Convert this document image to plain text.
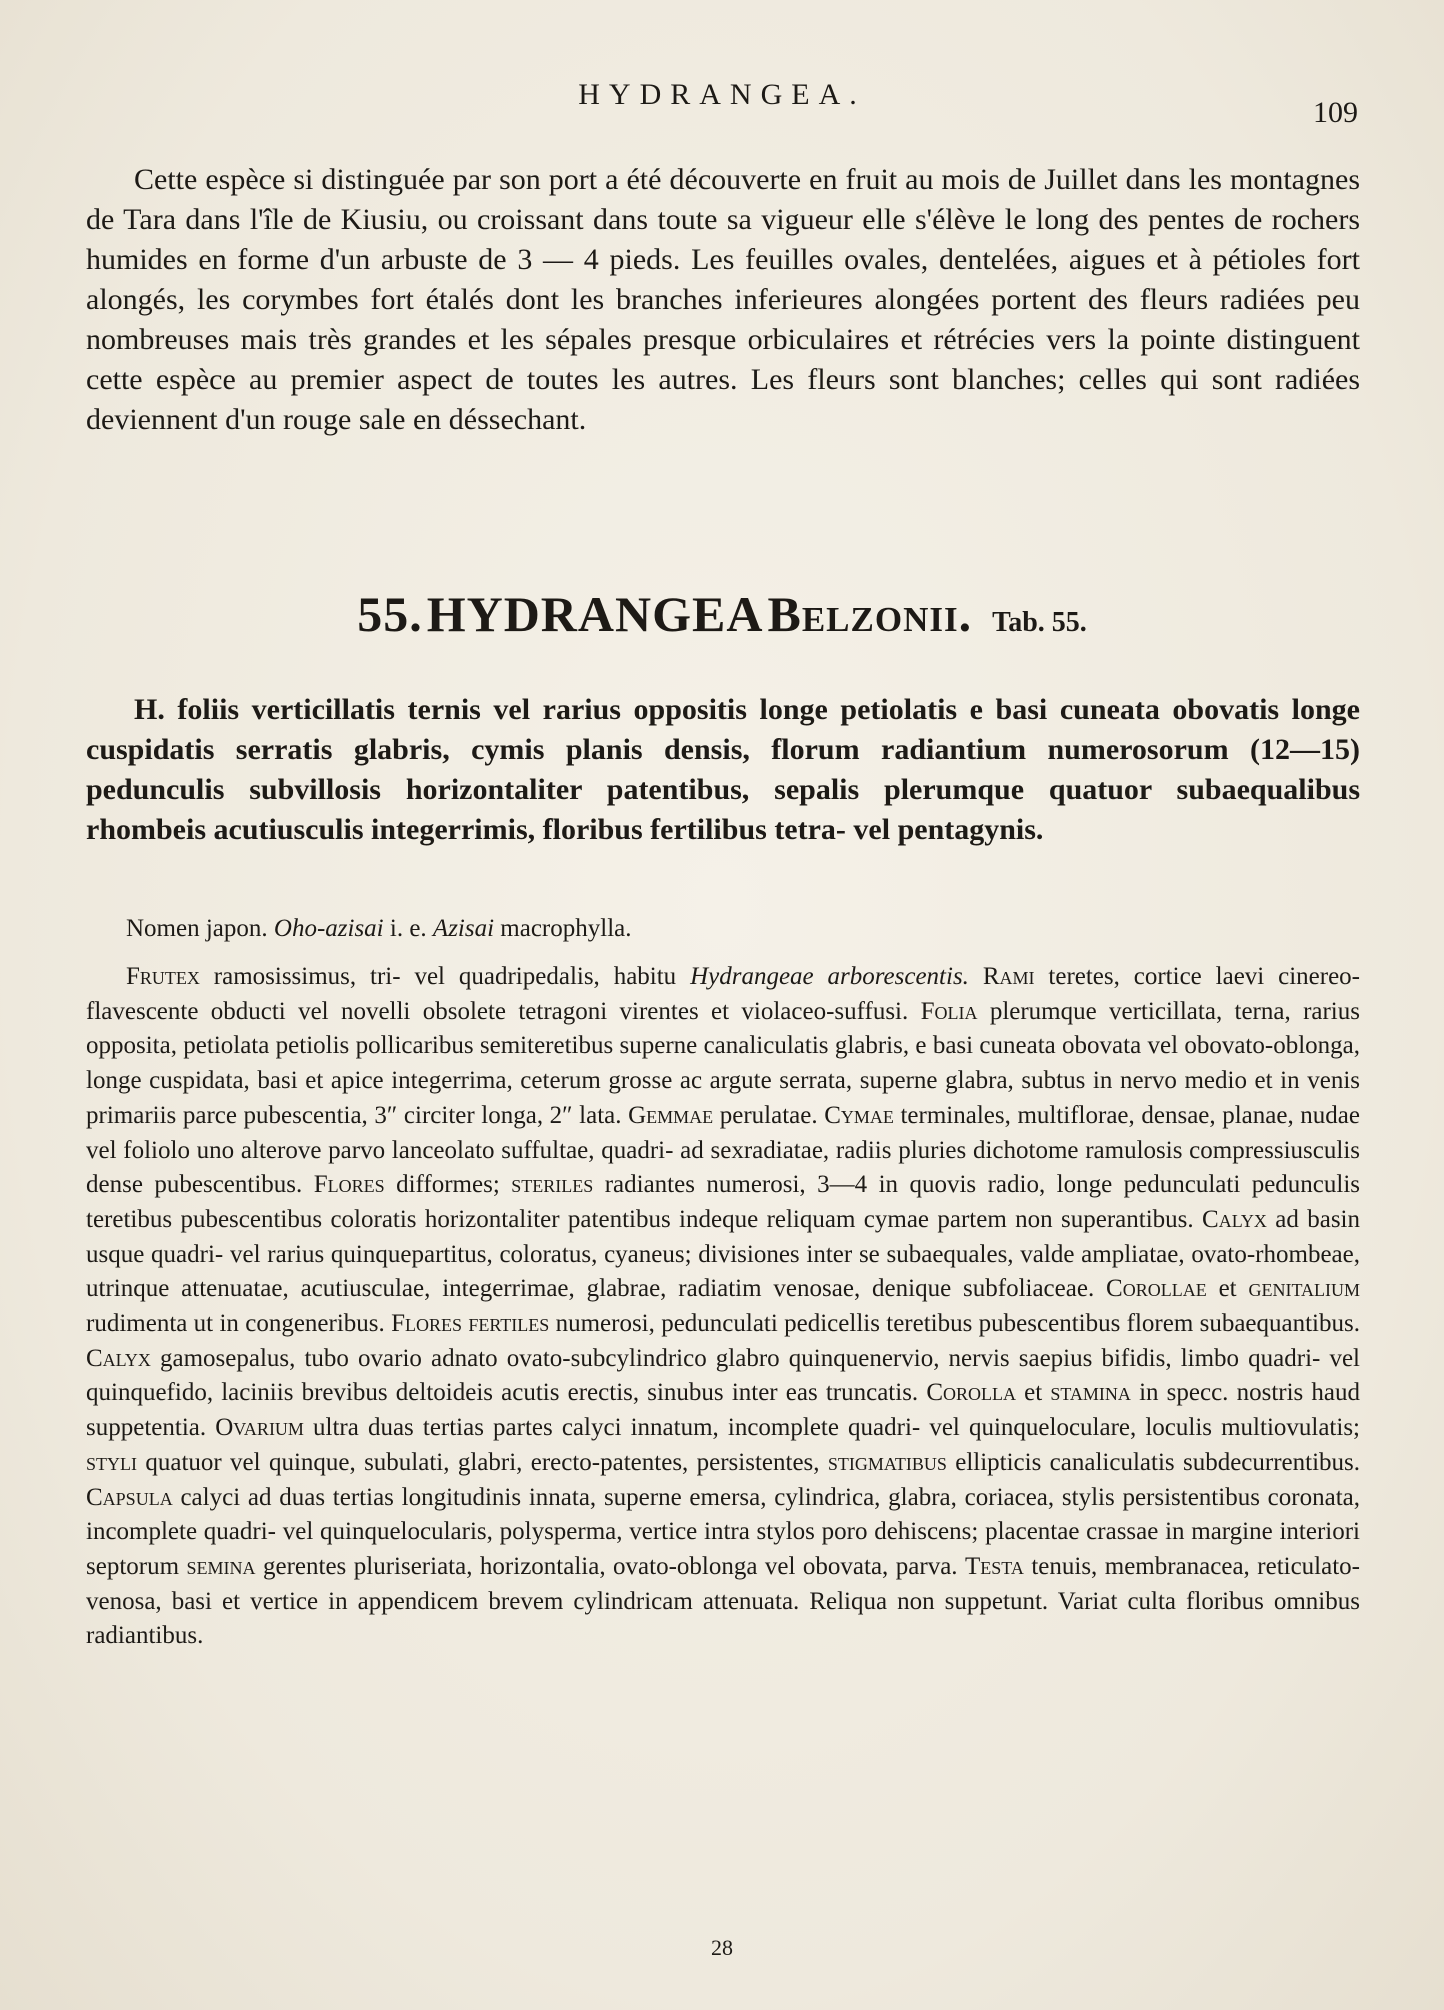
HYDRANGEA.
109

Cette espèce si distinguée par son port a été découverte en fruit au mois de Juillet dans les montagnes de Tara dans l'île de Kiusiu, ou croissant dans toute sa vigueur elle s'élève le long des pentes de rochers humides en forme d'un arbuste de 3 — 4 pieds. Les feuilles ovales, dentelées, aigues et à pétioles fort alongés, les corymbes fort étalés dont les branches inferieures alongées portent des fleurs radiées peu nombreuses mais très grandes et les sépales presque orbiculaires et rétrécies vers la pointe distinguent cette espèce au premier aspect de toutes les autres. Les fleurs sont blanches; celles qui sont radiées deviennent d'un rouge sale en déssechant.

55. HYDRANGEA Belzonii. Tab. 55.

H. foliis verticillatis ternis vel rarius oppositis longe petiolatis e basi cuneata obovatis longe cuspidatis serratis glabris, cymis planis densis, florum radiantium numerosorum (12—15) pedunculis subvillosis horizontaliter patentibus, sepalis plerumque quatuor subaequalibus rhombeis acutiusculis integerrimis, floribus fertilibus tetra- vel pentagynis.

Nomen japon. Oho-azisai i. e. Azisai macrophylla.

Frutex ramosissimus, tri- vel quadripedalis, habitu Hydrangeae arborescentis. Rami teretes, cortice laevi cinereo-flavescente obducti vel novelli obsolete tetragoni virentes et violaceo-suffusi. Folia plerumque verticillata, terna, rarius opposita, petiolata petiolis pollicaribus semiteretibus superne canaliculatis glabris, e basi cuneata obovata vel obovato-oblonga, longe cuspidata, basi et apice integerrima, ceterum grosse ac argute serrata, superne glabra, subtus in nervo medio et in venis primariis parce pubescentia, 3″ circiter longa, 2″ lata. Gemmae perulatae. Cymae terminales, multiflorae, densae, planae, nudae vel foliolo uno alterove parvo lanceolato suffultae, quadri- ad sexradiatae, radiis pluries dichotome ramulosis compressiusculis dense pubescentibus. Flores difformes; steriles radiantes numerosi, 3—4 in quovis radio, longe pedunculati pedunculis teretibus pubescentibus coloratis horizontaliter patentibus indeque reliquam cymae partem non superantibus. Calyx ad basin usque quadri- vel rarius quinquepartitus, coloratus, cyaneus; divisiones inter se subaequales, valde ampliatae, ovato-rhombeae, utrinque attenuatae, acutiusculae, integerrimae, glabrae, radiatim venosae, denique subfoliaceae. Corollae et genitalium rudimenta ut in congeneribus. Flores fertiles numerosi, pedunculati pedicellis teretibus pubescentibus florem subaequantibus. Calyx gamosepalus, tubo ovario adnato ovato-subcylindrico glabro quinquenervio, nervis saepius bifidis, limbo quadri- vel quinquefido, laciniis brevibus deltoideis acutis erectis, sinubus inter eas truncatis. Corolla et stamina in specc. nostris haud suppetentia. Ovarium ultra duas tertias partes calyci innatum, incomplete quadri- vel quinqueloculare, loculis multiovulatis; styli quatuor vel quinque, subulati, glabri, erecto-patentes, persistentes, stigmatibus ellipticis canaliculatis subdecurrentibus. Capsula calyci ad duas tertias longitudinis innata, superne emersa, cylindrica, glabra, coriacea, stylis persistentibus coronata, incomplete quadri- vel quinquelocularis, polysperma, vertice intra stylos poro dehiscens; placentae crassae in margine interiori septorum semina gerentes pluriseriata, horizontalia, ovato-oblonga vel obovata, parva. Testa tenuis, membranacea, reticulato-venosa, basi et vertice in appendicem brevem cylindricam attenuata. Reliqua non suppetunt. Variat culta floribus omnibus radiantibus.

28
